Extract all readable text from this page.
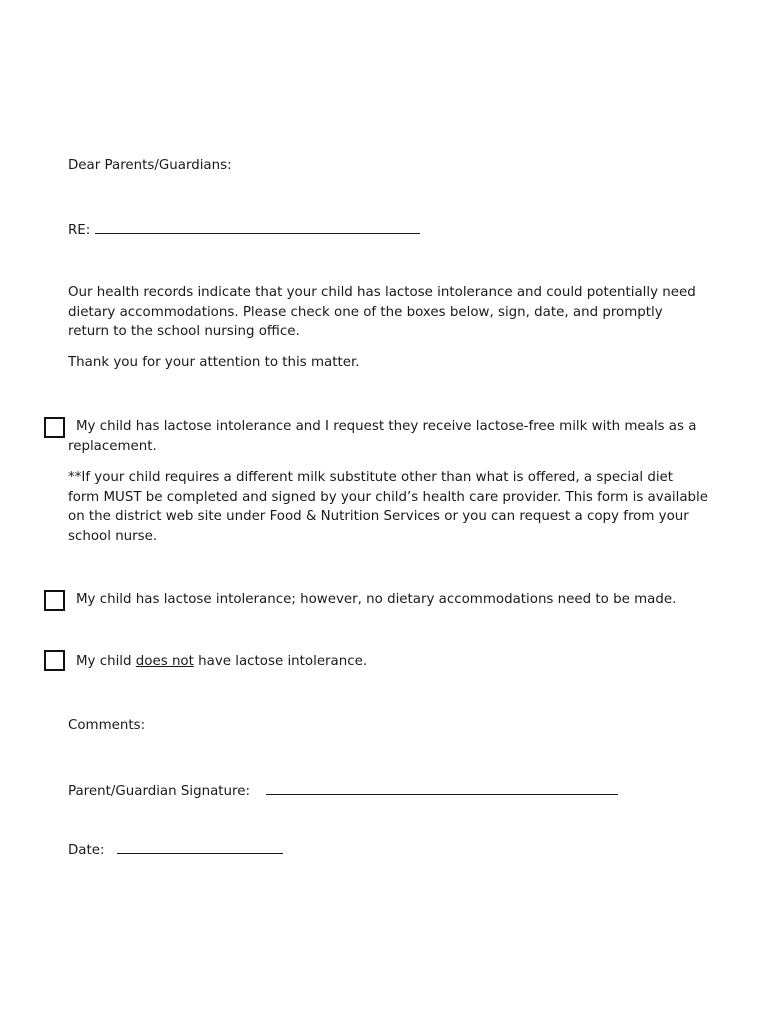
Dear Parents/Guardians:

RE:

Our health records indicate that your child has lactose intolerance and could potentially need dietary accommodations. Please check one of the boxes below, sign, date, and promptly return to the school nursing office.

Thank you for your attention to this matter.

My child has lactose intolerance and I request they receive lactose-free milk with meals as a replacement.

**If your child requires a different milk substitute other than what is offered, a special diet form MUST be completed and signed by your child’s health care provider. This form is available on the district web site under Food & Nutrition Services or you can request a copy from your school nurse.

My child has lactose intolerance; however, no dietary accommodations need to be made.

My child does not have lactose intolerance.

Comments:

Parent/Guardian Signature:
Date:
